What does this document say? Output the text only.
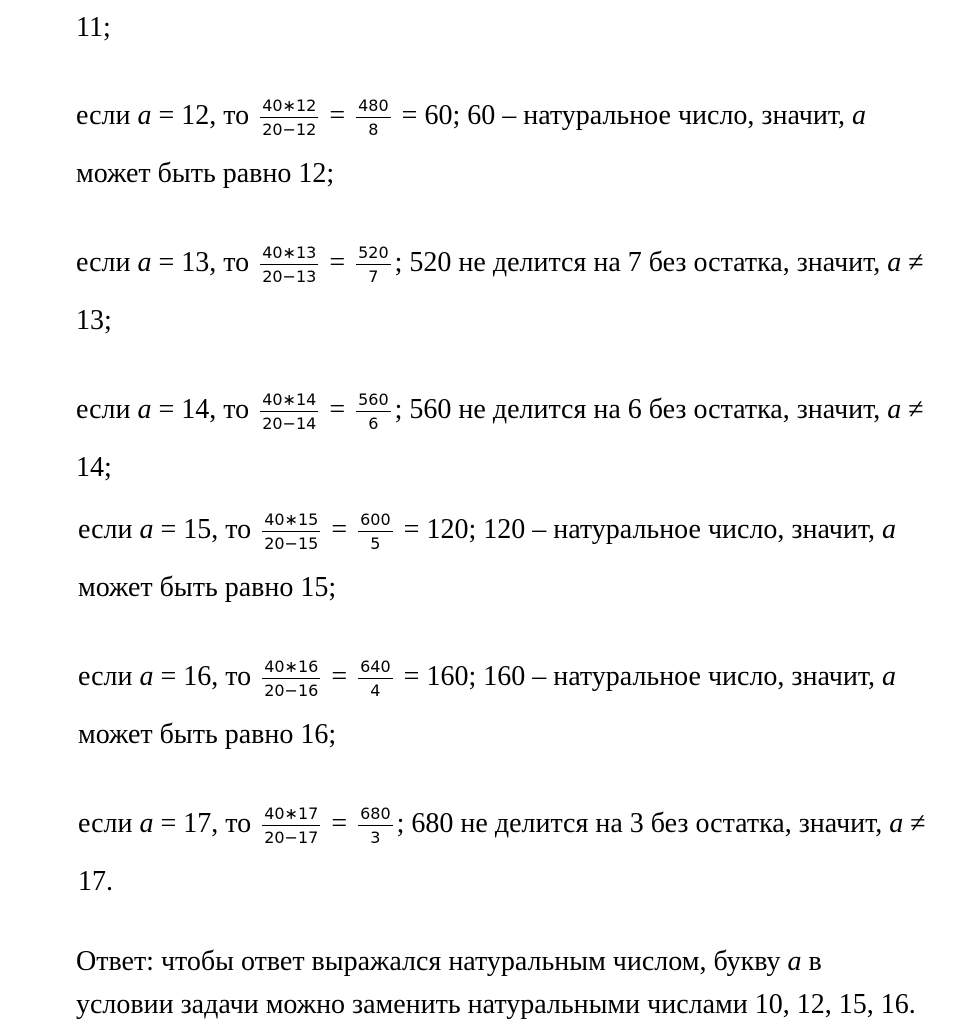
11;
если a = 12, то $\frac{40∗12}{20-12} = \frac{480}{8} = 60$; 60 – натуральное число, значит, a
может быть равно 12;
если a = 13, то $\frac{40∗13}{20-13} = \frac{520}{7}$ ; 520 не делится на 7 без остатка, значит, a ≠
13;
если a = 14, то $\frac{40∗14}{20-14} = \frac{560}{6}$ ; 560 не делится на 6 без остатка, значит, a ≠
14;
если a = 15, то $\frac{40∗15}{20-15} = \frac{600}{5} = 120$; 120 – натуральное число, значит, a
может быть равно 15;
если a = 16, то $\frac{40∗16}{20-16} = \frac{640}{4} = 160$; 160 – натуральное число, значит, a
может быть равно 16;
если a = 17, то $\frac{40∗17}{20-17} = \frac{680}{3}$ ; 680 не делится на 3 без остатка, значит, a ≠
17.
Ответ: чтобы ответ выражался натуральным числом, букву a в
условии задачи можно заменить натуральными числами 10, 12, 15, 16.
